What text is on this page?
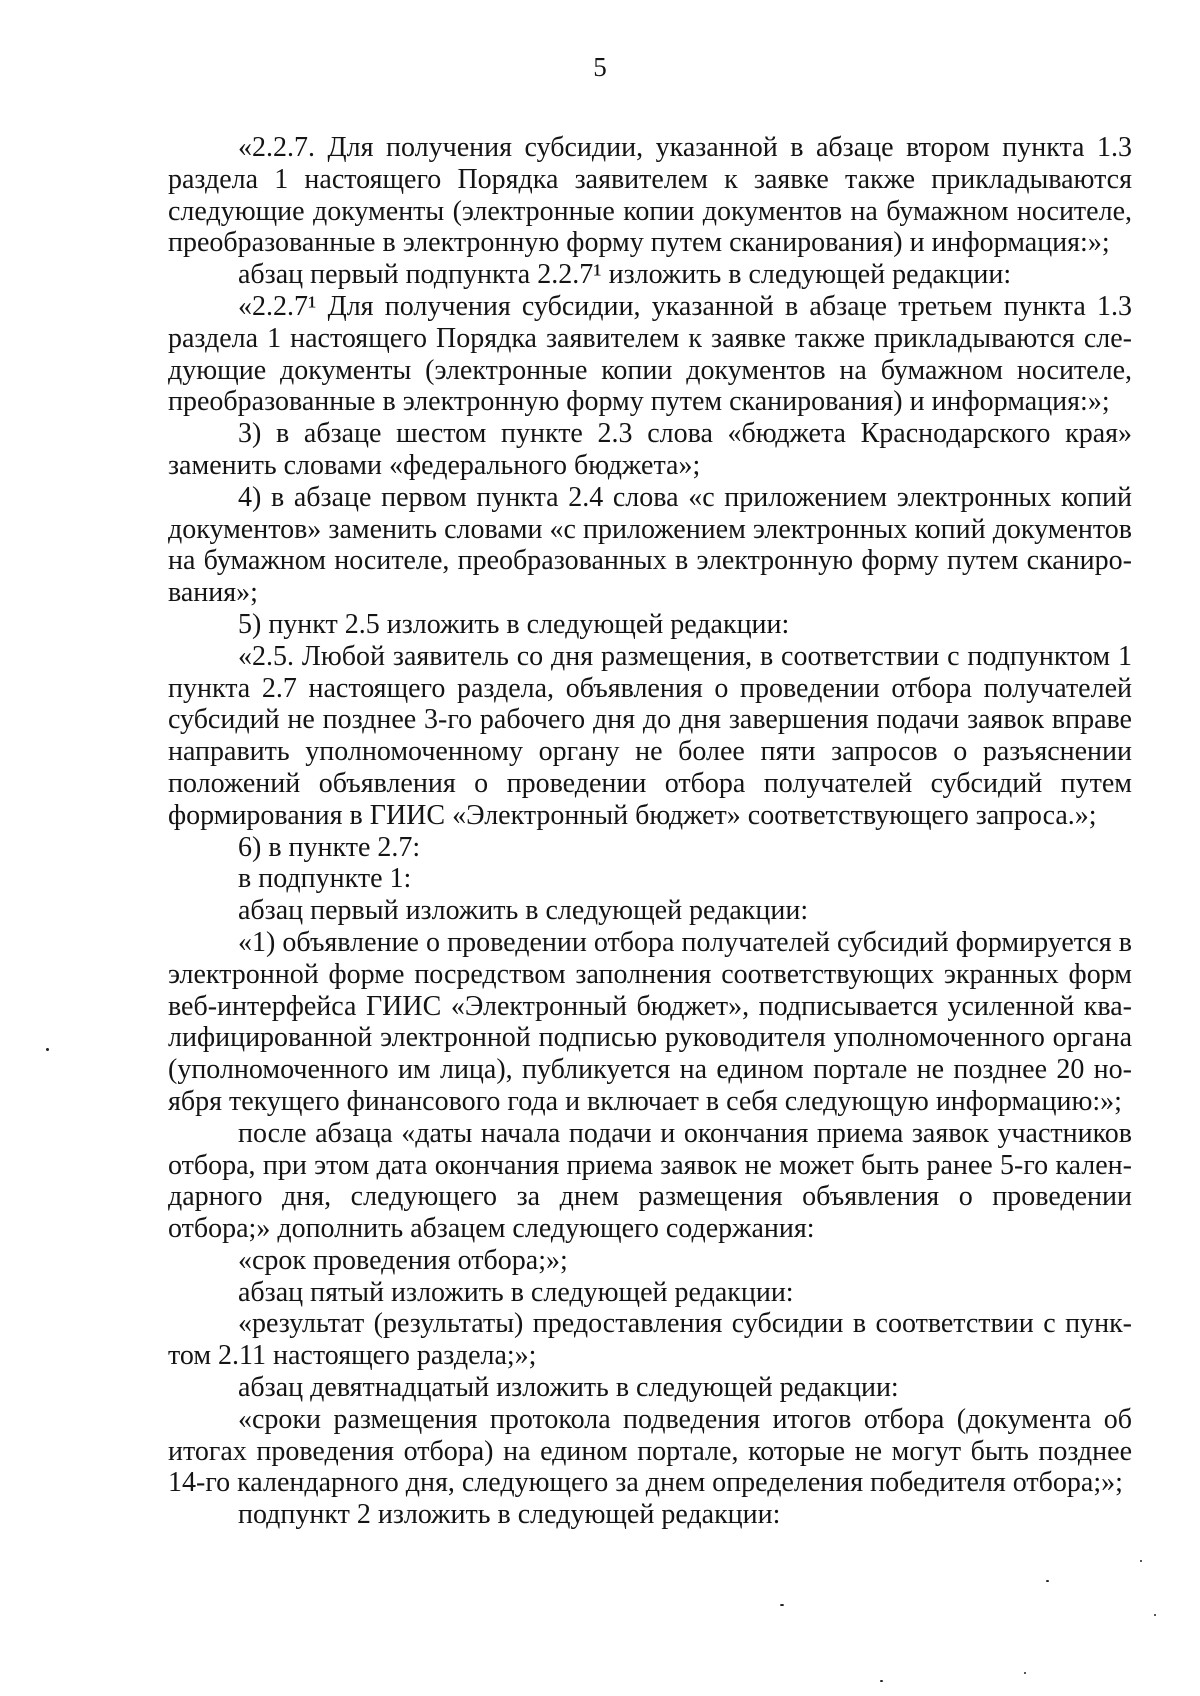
5

«2.2.7. Для получения субсидии, указанной в абзаце втором пункта 1.3 раздела 1 настоящего Порядка заявителем к заявке также прикладываются следующие документы (электронные копии документов на бумажном носителе, преобразованные в электронную форму путем сканирования) и информация:»;

абзац первый подпункта 2.2.7¹ изложить в следующей редакции:

«2.2.7¹ Для получения субсидии, указанной в абзаце третьем пункта 1.3 раздела 1 настоящего Порядка заявителем к заявке также прикладываются следующие документы (электронные копии документов на бумажном носителе, преобразованные в электронную форму путем сканирования) и информация:»;

3) в абзаце шестом пункте 2.3 слова «бюджета Краснодарского края» заменить словами «федерального бюджета»;

4) в абзаце первом пункта 2.4 слова «с приложением электронных копий документов» заменить словами «с приложением электронных копий документов на бумажном носителе, преобразованных в электронную форму путем сканирования»;

5) пункт 2.5 изложить в следующей редакции:

«2.5. Любой заявитель со дня размещения, в соответствии с подпунктом 1 пункта 2.7 настоящего раздела, объявления о проведении отбора получателей субсидий не позднее 3-го рабочего дня до дня завершения подачи заявок вправе направить уполномоченному органу не более пяти запросов о разъяснении положений объявления о проведении отбора получателей субсидий путем формирования в ГИИС «Электронный бюджет» соответствующего запроса.»;

6) в пункте 2.7:

в подпункте 1:

абзац первый изложить в следующей редакции:

«1) объявление о проведении отбора получателей субсидий формируется в электронной форме посредством заполнения соответствующих экранных форм веб-интерфейса ГИИС «Электронный бюджет», подписывается усиленной квалифицированной электронной подписью руководителя уполномоченного органа (уполномоченного им лица), публикуется на едином портале не позднее 20 ноября текущего финансового года и включает в себя следующую информацию:»;

после абзаца «даты начала подачи и окончания приема заявок участников отбора, при этом дата окончания приема заявок не может быть ранее 5-го календарного дня, следующего за днем размещения объявления о проведении отбора;» дополнить абзацем следующего содержания:

«срок проведения отбора;»;

абзац пятый изложить в следующей редакции:

«результат (результаты) предоставления субсидии в соответствии с пунктом 2.11 настоящего раздела;»;

абзац девятнадцатый изложить в следующей редакции:

«сроки размещения протокола подведения итогов отбора (документа об итогах проведения отбора) на едином портале, которые не могут быть позднее 14-го календарного дня, следующего за днем определения победителя отбора;»;

подпункт 2 изложить в следующей редакции:
